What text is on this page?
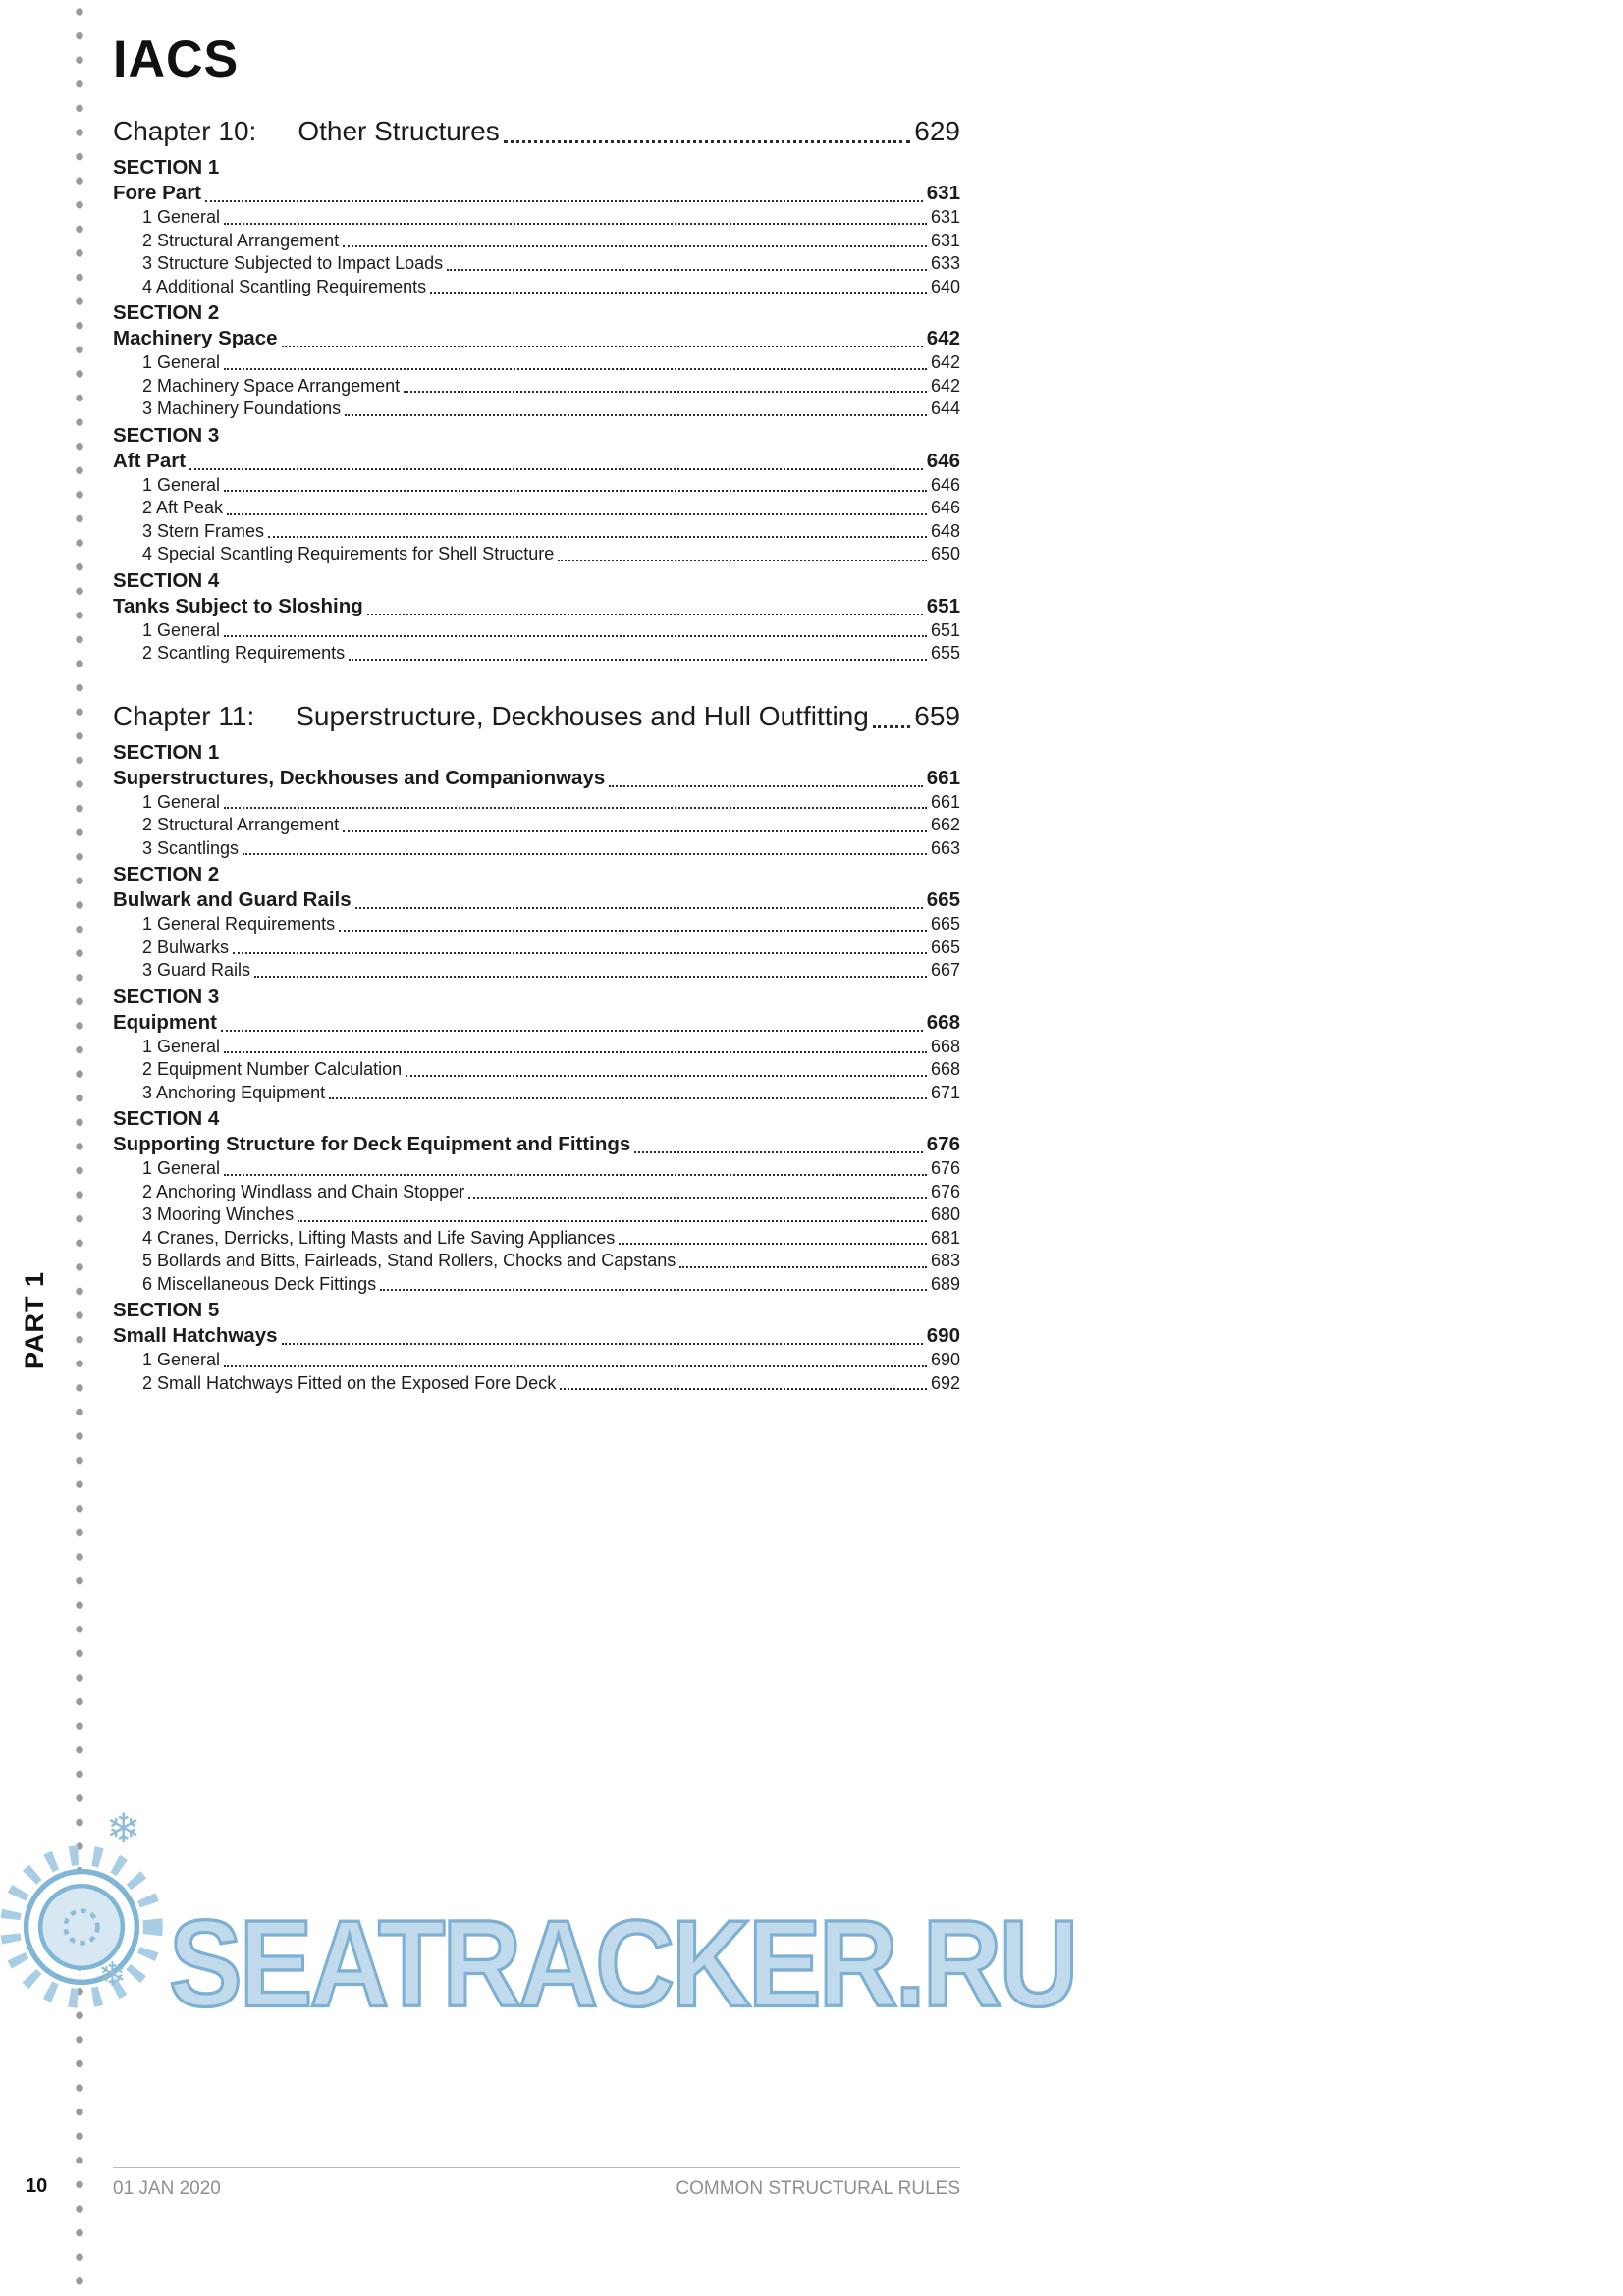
IACS
Chapter 10:  Other Structures	629
SECTION 1
Fore Part	631
1 General	631
2 Structural Arrangement	631
3 Structure Subjected to Impact Loads	633
4 Additional Scantling Requirements	640
SECTION 2
Machinery Space	642
1 General	642
2 Machinery Space Arrangement	642
3 Machinery Foundations	644
SECTION 3
Aft Part	646
1 General	646
2 Aft Peak	646
3 Stern Frames	648
4 Special Scantling Requirements for Shell Structure	650
SECTION 4
Tanks Subject to Sloshing	651
1 General	651
2 Scantling Requirements	655
Chapter 11:  Superstructure, Deckhouses and Hull Outfitting 659
SECTION 1
Superstructures, Deckhouses and Companionways	661
1 General	661
2 Structural Arrangement	662
3 Scantlings	663
SECTION 2
Bulwark and Guard Rails	665
1 General Requirements	665
2 Bulwarks	665
3 Guard Rails	667
SECTION 3
Equipment	668
1 General	668
2 Equipment Number Calculation	668
3 Anchoring Equipment	671
SECTION 4
Supporting Structure for Deck Equipment and Fittings	676
1 General	676
2 Anchoring Windlass and Chain Stopper	676
3 Mooring Winches	680
4 Cranes, Derricks, Lifting Masts and Life Saving Appliances	681
5 Bollards and Bitts, Fairleads, Stand Rollers, Chocks and Capstans	683
6 Miscellaneous Deck Fittings	689
SECTION 5
Small Hatchways	690
1 General	690
2 Small Hatchways Fitted on the Exposed Fore Deck	692
PART 1
10	01 JAN 2020	COMMON STRUCTURAL RULES
SEATRACKER.RU
❄
❄
